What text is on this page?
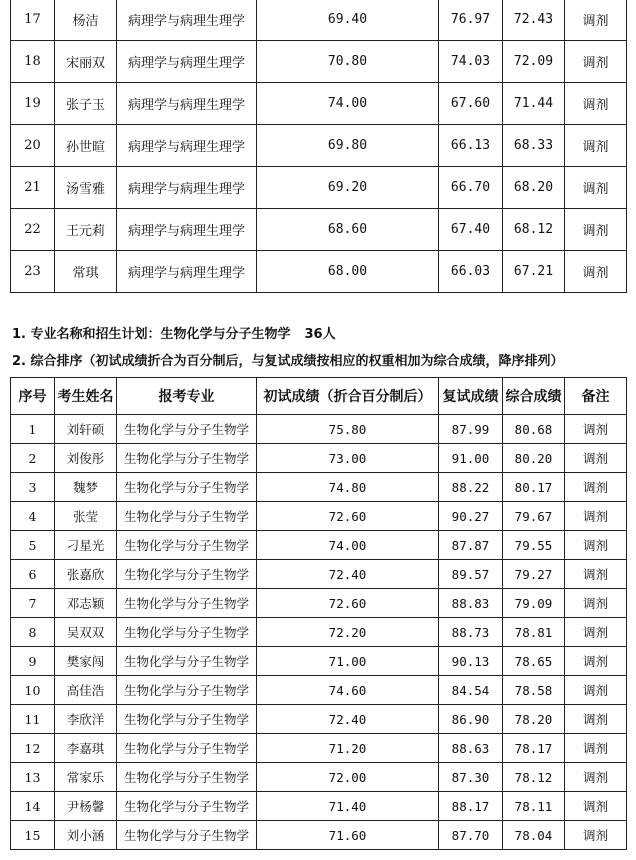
17	杨洁	病理学与病理生理学	69.40	76.97	72.43	调剂
18	宋丽双	病理学与病理生理学	70.80	74.03	72.09	调剂
19	张子玉	病理学与病理生理学	74.00	67.60	71.44	调剂
20	孙世暄	病理学与病理生理学	69.80	66.13	68.33	调剂
21	汤雪雅	病理学与病理生理学	69.20	66.70	68.20	调剂
22	王元莉	病理学与病理生理学	68.60	67.40	68.12	调剂
23	常琪	病理学与病理生理学	68.00	66.03	67.21	调剂
1. 专业名称和招生计划：生物化学与分子生物学 36人
2. 综合排序（初试成绩折合为百分制后，与复试成绩按相应的权重相加为综合成绩，降序排列）
序号	考生姓名	报考专业	初试成绩（折合百分制后）	复试成绩	综合成绩	备注
1	刘轩硕	生物化学与分子生物学	75.80	87.99	80.68	调剂
2	刘俊彤	生物化学与分子生物学	73.00	91.00	80.20	调剂
3	魏梦	生物化学与分子生物学	74.80	88.22	80.17	调剂
4	张莹	生物化学与分子生物学	72.60	90.27	79.67	调剂
5	刁星光	生物化学与分子生物学	74.00	87.87	79.55	调剂
6	张嘉欣	生物化学与分子生物学	72.40	89.57	79.27	调剂
7	邓志颖	生物化学与分子生物学	72.60	88.83	79.09	调剂
8	吴双双	生物化学与分子生物学	72.20	88.73	78.81	调剂
9	樊家闯	生物化学与分子生物学	71.00	90.13	78.65	调剂
10	高佳浩	生物化学与分子生物学	74.60	84.54	78.58	调剂
11	李欣洋	生物化学与分子生物学	72.40	86.90	78.20	调剂
12	李嘉琪	生物化学与分子生物学	71.20	88.63	78.17	调剂
13	常家乐	生物化学与分子生物学	72.00	87.30	78.12	调剂
14	尹杨馨	生物化学与分子生物学	71.40	88.17	78.11	调剂
15	刘小涵	生物化学与分子生物学	71.60	87.70	78.04	调剂
